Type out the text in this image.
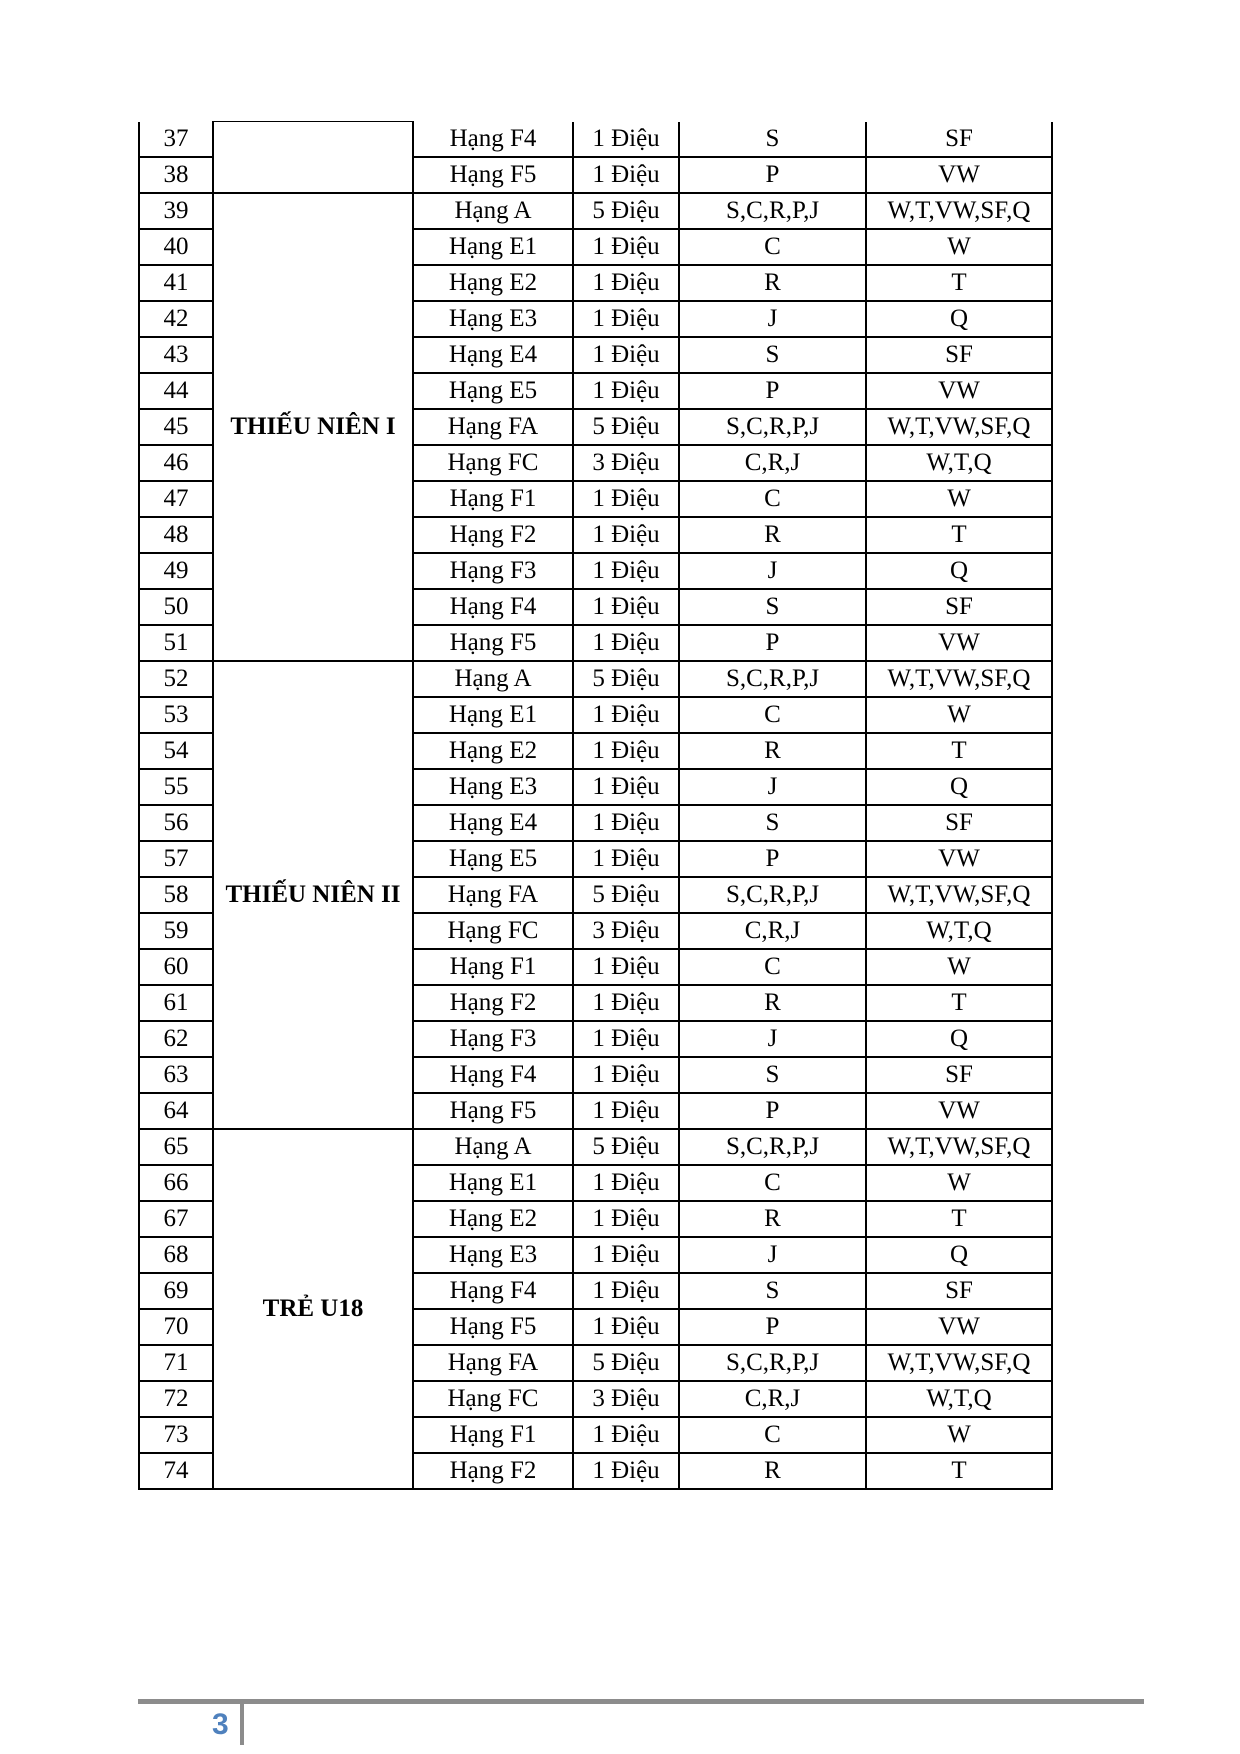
37		Hạng F4	1 Điệu	S	SF
38		Hạng F5	1 Điệu	P	VW
39	THIẾU NIÊN I	Hạng A	5 Điệu	S,C,R,P,J	W,T,VW,SF,Q
40		Hạng E1	1 Điệu	C	W
41		Hạng E2	1 Điệu	R	T
42		Hạng E3	1 Điệu	J	Q
43		Hạng E4	1 Điệu	S	SF
44		Hạng E5	1 Điệu	P	VW
45		Hạng FA	5 Điệu	S,C,R,P,J	W,T,VW,SF,Q
46		Hạng FC	3 Điệu	C,R,J	W,T,Q
47		Hạng F1	1 Điệu	C	W
48		Hạng F2	1 Điệu	R	T
49		Hạng F3	1 Điệu	J	Q
50		Hạng F4	1 Điệu	S	SF
51		Hạng F5	1 Điệu	P	VW
52	THIẾU NIÊN II	Hạng A	5 Điệu	S,C,R,P,J	W,T,VW,SF,Q
53		Hạng E1	1 Điệu	C	W
54		Hạng E2	1 Điệu	R	T
55		Hạng E3	1 Điệu	J	Q
56		Hạng E4	1 Điệu	S	SF
57		Hạng E5	1 Điệu	P	VW
58		Hạng FA	5 Điệu	S,C,R,P,J	W,T,VW,SF,Q
59		Hạng FC	3 Điệu	C,R,J	W,T,Q
60		Hạng F1	1 Điệu	C	W
61		Hạng F2	1 Điệu	R	T
62		Hạng F3	1 Điệu	J	Q
63		Hạng F4	1 Điệu	S	SF
64		Hạng F5	1 Điệu	P	VW
65	TRẺ U18	Hạng A	5 Điệu	S,C,R,P,J	W,T,VW,SF,Q
66		Hạng E1	1 Điệu	C	W
67		Hạng E2	1 Điệu	R	T
68		Hạng E3	1 Điệu	J	Q
69		Hạng F4	1 Điệu	S	SF
70		Hạng F5	1 Điệu	P	VW
71		Hạng FA	5 Điệu	S,C,R,P,J	W,T,VW,SF,Q
72		Hạng FC	3 Điệu	C,R,J	W,T,Q
73		Hạng F1	1 Điệu	C	W
74		Hạng F2	1 Điệu	R	T
3
